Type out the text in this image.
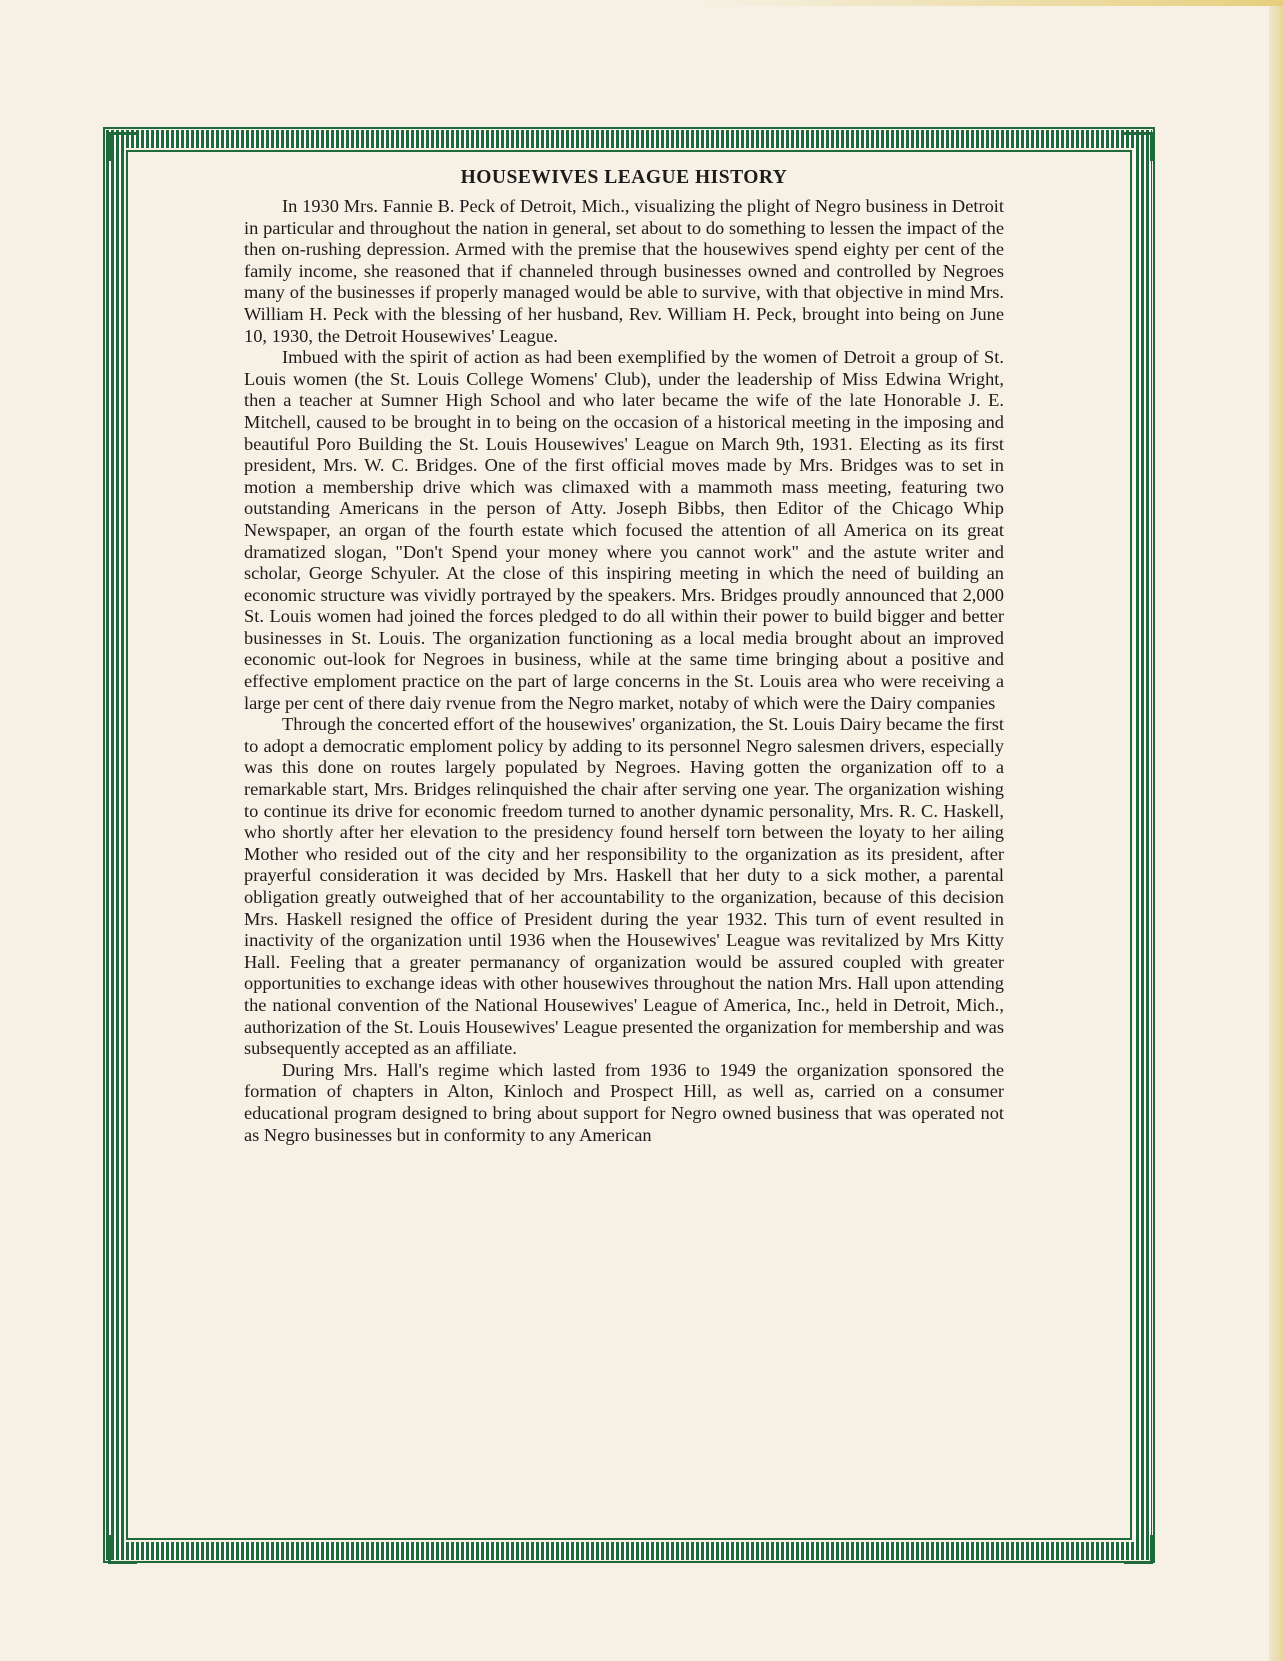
HOUSEWIVES LEAGUE HISTORY

In 1930 Mrs. Fannie B. Peck of Detroit, Mich., visualizing the plight of Negro business in Detroit in particular and throughout the nation in general, set about to do something to lessen the impact of the then on-rushing depression. Armed with the premise that the housewives spend eighty per cent of the family income, she reasoned that if channeled through businesses owned and controlled by Negroes many of the businesses if properly managed would be able to survive, with that objective in mind Mrs. William H. Peck with the blessing of her husband, Rev. William H. Peck, brought into being on June 10, 1930, the Detroit Housewives' League.

Imbued with the spirit of action as had been exemplified by the women of Detroit a group of St. Louis women (the St. Louis College Womens' Club), under the leadership of Miss Edwina Wright, then a teacher at Sumner High School and who later became the wife of the late Honorable J. E. Mitchell, caused to be brought in to being on the occasion of a historical meeting in the imposing and beautiful Poro Building the St. Louis Housewives' League on March 9th, 1931. Electing as its first president, Mrs. W. C. Bridges. One of the first official moves made by Mrs. Bridges was to set in motion a membership drive which was climaxed with a mammoth mass meeting, featuring two outstanding Americans in the person of Atty. Joseph Bibbs, then Editor of the Chicago Whip Newspaper, an organ of the fourth estate which focused the attention of all America on its great dramatized slogan, "Don't Spend your money where you cannot work" and the astute writer and scholar, George Schyuler. At the close of this inspiring meeting in which the need of building an economic structure was vividly portrayed by the speakers. Mrs. Bridges proudly announced that 2,000 St. Louis women had joined the forces pledged to do all within their power to build bigger and better businesses in St. Louis. The organization functioning as a local media brought about an improved economic out-look for Negroes in business, while at the same time bringing about a positive and effective emploment practice on the part of large concerns in the St. Louis area who were receiving a large per cent of there daiy rvenue from the Negro market, notaby of which were the Dairy companies

Through the concerted effort of the housewives' organization, the St. Louis Dairy became the first to adopt a democratic emploment policy by adding to its personnel Negro salesmen drivers, especially was this done on routes largely populated by Negroes. Having gotten the organization off to a remarkable start, Mrs. Bridges relinquished the chair after serving one year. The organization wishing to continue its drive for economic freedom turned to another dynamic personality, Mrs. R. C. Haskell, who shortly after her elevation to the presidency found herself torn between the loyaty to her ailing Mother who resided out of the city and her responsibility to the organization as its president, after prayerful consideration it was decided by Mrs. Haskell that her duty to a sick mother, a parental obligation greatly outweighed that of her accountability to the organization, because of this decision Mrs. Haskell resigned the office of President during the year 1932. This turn of event resulted in inactivity of the organization until 1936 when the Housewives' League was revitalized by Mrs Kitty Hall. Feeling that a greater permanancy of organization would be assured coupled with greater opportunities to exchange ideas with other housewives throughout the nation Mrs. Hall upon attending the national convention of the National Housewives' League of America, Inc., held in Detroit, Mich., authorization of the St. Louis Housewives' League presented the organization for membership and was subsequently accepted as an affiliate.

During Mrs. Hall's regime which lasted from 1936 to 1949 the organization sponsored the formation of chapters in Alton, Kinloch and Prospect Hill, as well as, carried on a consumer educational program designed to bring about support for Negro owned business that was operated not as Negro businesses but in conformity to any American
